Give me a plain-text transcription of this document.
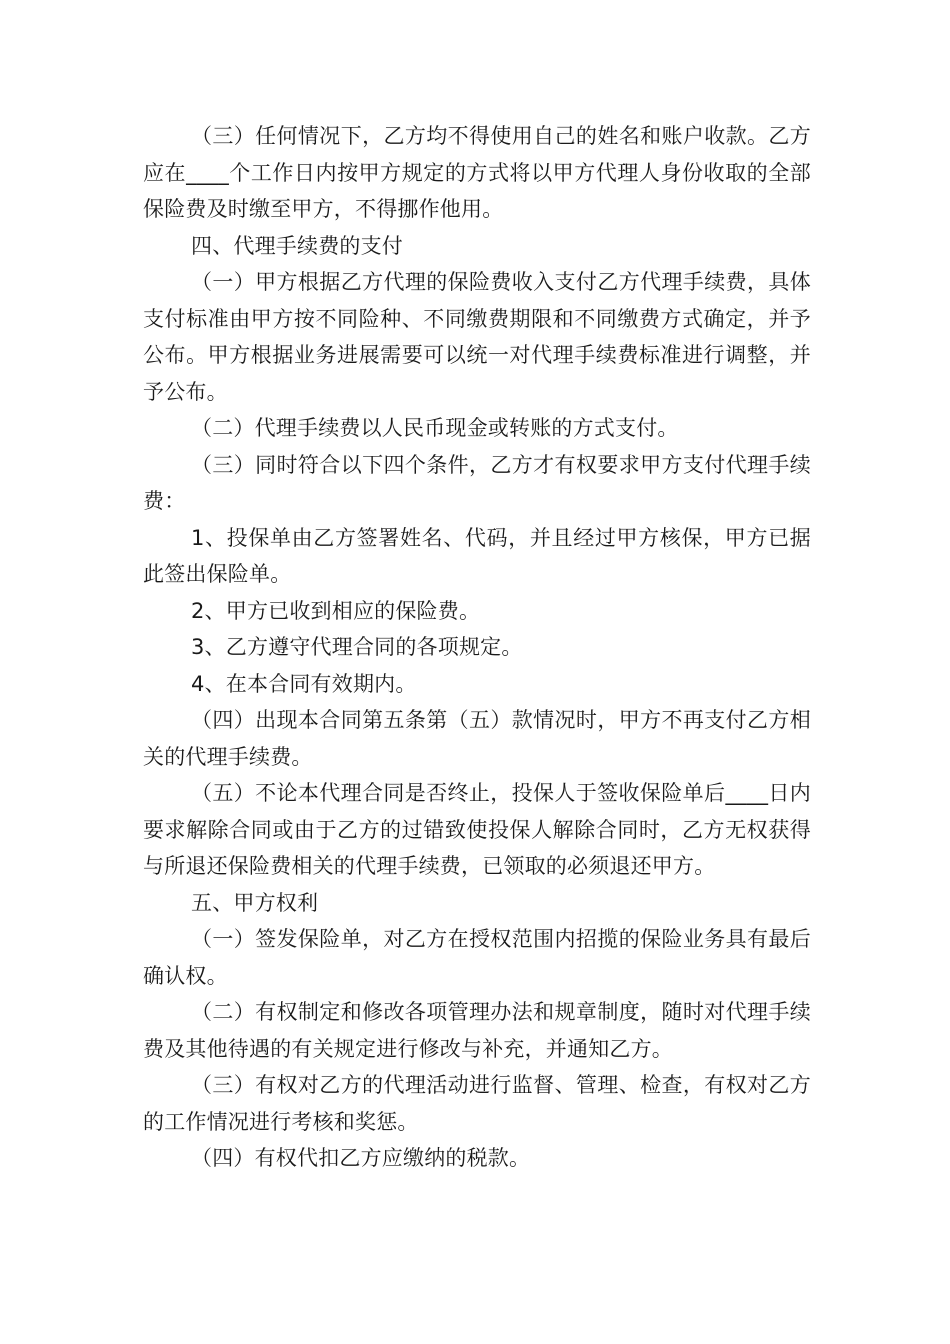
（三）任何情况下，乙方均不得使用自己的姓名和账户收款。乙方应在____个工作日内按甲方规定的方式将以甲方代理人身份收取的全部保险费及时缴至甲方，不得挪作他用。

四、代理手续费的支付

（一）甲方根据乙方代理的保险费收入支付乙方代理手续费，具体支付标准由甲方按不同险种、不同缴费期限和不同缴费方式确定，并予公布。甲方根据业务进展需要可以统一对代理手续费标准进行调整，并予公布。

（二）代理手续费以人民币现金或转账的方式支付。

（三）同时符合以下四个条件，乙方才有权要求甲方支付代理手续费：

1、投保单由乙方签署姓名、代码，并且经过甲方核保，甲方已据此签出保险单。

2、甲方已收到相应的保险费。

3、乙方遵守代理合同的各项规定。

4、在本合同有效期内。

（四）出现本合同第五条第（五）款情况时，甲方不再支付乙方相关的代理手续费。

（五）不论本代理合同是否终止，投保人于签收保险单后____日内要求解除合同或由于乙方的过错致使投保人解除合同时，乙方无权获得与所退还保险费相关的代理手续费，已领取的必须退还甲方。

五、甲方权利

（一）签发保险单，对乙方在授权范围内招揽的保险业务具有最后确认权。

（二）有权制定和修改各项管理办法和规章制度，随时对代理手续费及其他待遇的有关规定进行修改与补充，并通知乙方。

（三）有权对乙方的代理活动进行监督、管理、检查，有权对乙方的工作情况进行考核和奖惩。

（四）有权代扣乙方应缴纳的税款。
